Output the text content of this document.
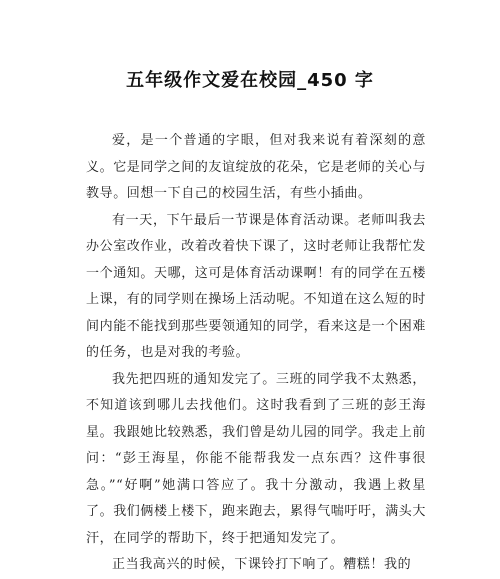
五年级作文爱在校园_450 字

爱，是一个普通的字眼，但对我来说有着深刻的意义。它是同学之间的友谊绽放的花朵，它是老师的关心与教导。回想一下自己的校园生活，有些小插曲。

有一天，下午最后一节课是体育活动课。老师叫我去办公室改作业，改着改着快下课了，这时老师让我帮忙发一个通知。天哪，这可是体育活动课啊！有的同学在五楼上课，有的同学则在操场上活动呢。不知道在这么短的时间内能不能找到那些要领通知的同学，看来这是一个困难的任务，也是对我的考验。

我先把四班的通知发完了。三班的同学我不太熟悉，不知道该到哪儿去找他们。这时我看到了三班的彭王海星。我跟她比较熟悉，我们曾是幼儿园的同学。我走上前问：“彭王海星，你能不能帮我发一点东西？这件事很急。”“好啊”她满口答应了。我十分激动，我遇上救星了。我们俩楼上楼下，跑来跑去，累得气喘吁吁，满头大汗，在同学的帮助下，终于把通知发完了。

正当我高兴的时候，下课铃打下响了。糟糕！我的
